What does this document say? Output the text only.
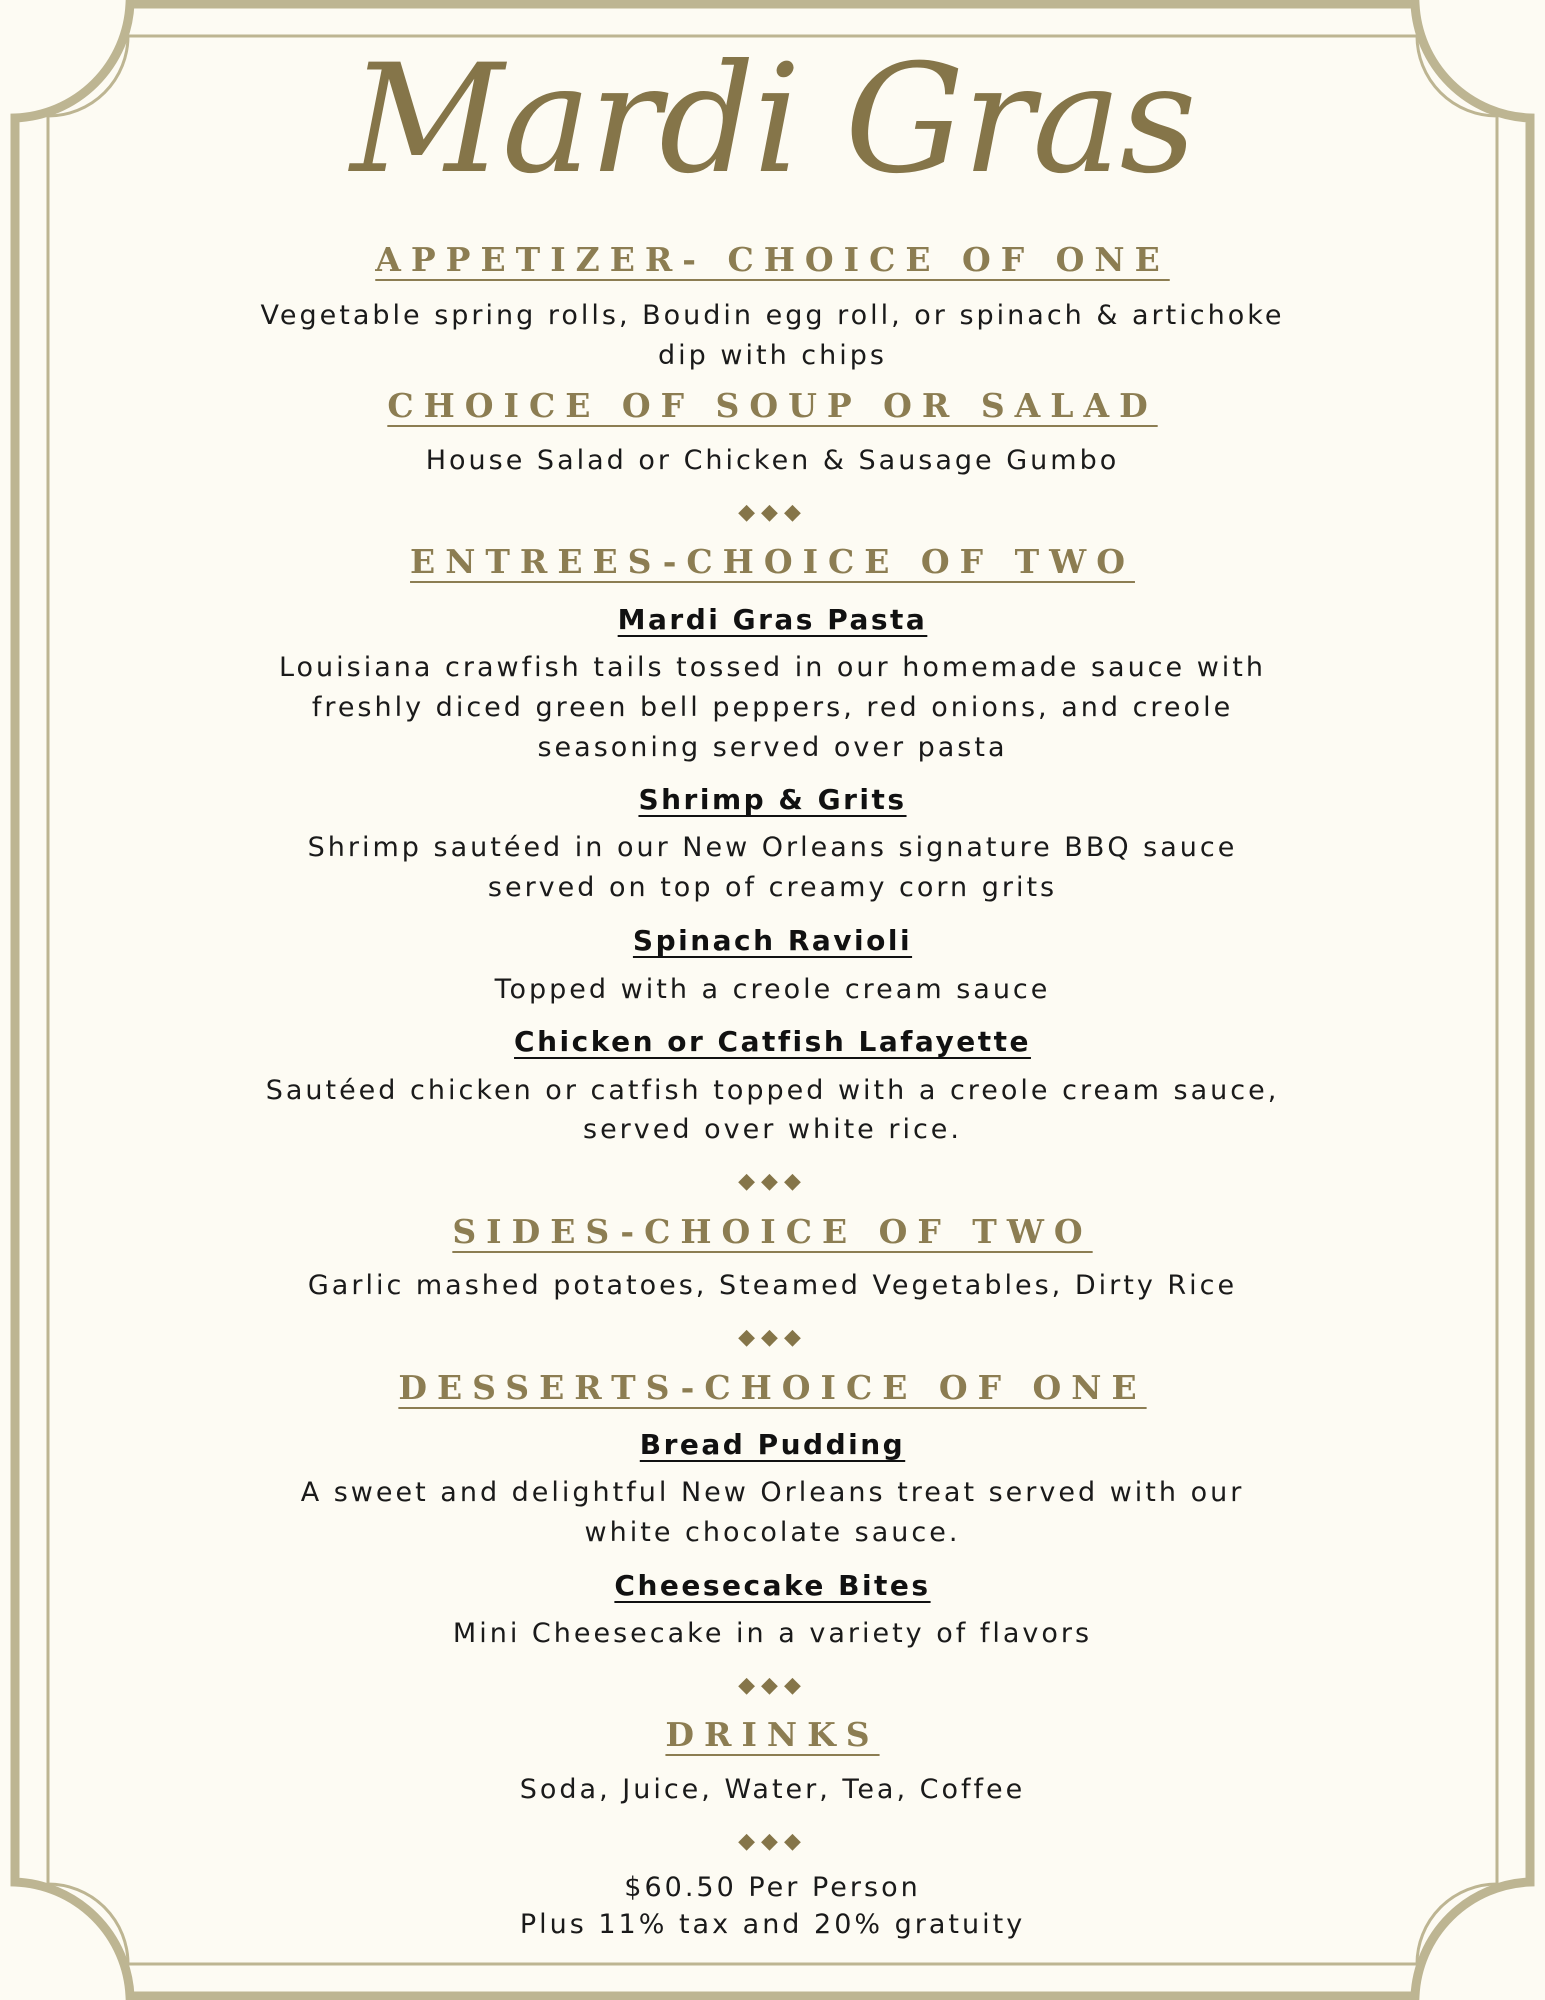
Mardi Gras
APPETIZER- CHOICE OF ONE
Vegetable spring rolls, Boudin egg roll, or spinach & artichoke
dip with chips
CHOICE OF SOUP OR SALAD
House Salad or Chicken & Sausage Gumbo
◆◆◆
ENTREES-CHOICE OF TWO
Mardi Gras Pasta
Louisiana crawfish tails tossed in our homemade sauce with
freshly diced green bell peppers, red onions, and creole
seasoning served over pasta
Shrimp & Grits
Shrimp sautéed in our New Orleans signature BBQ sauce
served on top of creamy corn grits
Spinach Ravioli
Topped with a creole cream sauce
Chicken or Catfish Lafayette
Sautéed chicken or catfish topped with a creole cream sauce,
served over white rice.
◆◆◆
SIDES-CHOICE OF TWO
Garlic mashed potatoes, Steamed Vegetables, Dirty Rice
◆◆◆
DESSERTS-CHOICE OF ONE
Bread Pudding
A sweet and delightful New Orleans treat served with our
white chocolate sauce.
Cheesecake Bites
Mini Cheesecake in a variety of flavors
◆◆◆
DRINKS
Soda, Juice, Water, Tea, Coffee
◆◆◆
$60.50 Per Person
Plus 11% tax and 20% gratuity
